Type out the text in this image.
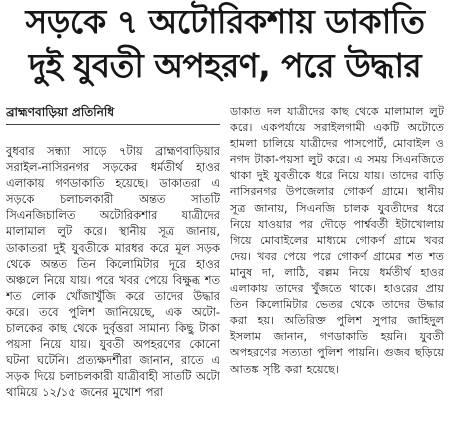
সড়কে ৭ অটোরিকশায় ডাকাতি
দুই যুবতী অপহরণ, পরে উদ্ধার
ব্রাহ্মণবাড়িয়া প্রতিনিধি

বুধবার সন্ধ্যা সাড়ে ৭টায় ব্রাহ্মণবাড়িয়ার সরাইল-নাসিরনগর সড়কের ধর্মতীর্থ হাওর এলাকায় গণডাকাতি হয়েছে। ডাকাতরা এ সড়কে চলাচলকারী অন্তত সাতটি সিএনজিচালিত অটোরিকশার যাত্রীদের মালামাল লুট করে। স্থানীয় সূত্র জানায়, ডাকাতরা দুই যুবতীকে মারধর করে মূল সড়ক থেকে অন্তত তিন কিলোমিটার দূরে হাওর অঞ্চলে নিয়ে যায়। পরে খবর পেয়ে বিক্ষুব্ধ শত শত লোক খোঁজাখুঁজি করে তাদের উদ্ধার করে। তবে পুলিশ জানিয়েছে, এক অটো-চালকের কাছ থেকে দুর্বৃত্তরা সামান্য কিছু টাকা পয়সা নিয়ে যায়। যুবতী অপহরণের কোনো ঘটনা ঘটেনি। প্রত্যক্ষদর্শীরা জানান, রাতে এ সড়ক দিয়ে চলাচলকারী যাত্রীবাহী সাতটি অটো থামিয়ে ১২/১৫ জনের মুখোশ পরা

ডাকাত দল যাত্রীদের কাছ থেকে মালামাল লুট করে। একপর্যায়ে সরাইলগামী একটি অটোতে হামলা চালিয়ে যাত্রীদের পাসপোর্ট, মোবাইল ও নগদ টাকা-পয়সা লুট করে। এ সময় সিএনজিতে থাকা দুই যুবতীকে ধরে নিয়ে যায়। তাদের বাড়ি নাসিরনগর উপজেলার গোকর্ণ গ্রামে। স্থানীয় সূত্র জানায়, সিএনজি চালক যুবতীদের ধরে নিয়ে যাওয়ার পর দৌড়ে পার্শ্ববর্তী ইটাখোলায় গিয়ে মোবাইলের মাধ্যমে গোকর্ণ গ্রামে খবর দেয়। খবর পেয়ে পরে গোকর্ণ গ্রামের শত শত মানুষ দা, লাঠি, বল্লম নিয়ে ধর্মতীর্থ হাওর এলাকায় তাদের খুঁজতে থাকে। হাওরের প্রায় তিন কিলোমিটার ভেতর থেকে তাদের উদ্ধার করা হয়। অতিরিক্ত পুলিশ সুপার জাহিদুল ইসলাম জানান, গণডাকাতি হয়নি। যুবতী অপহরণের সত্যতা পুলিশ পায়নি। গুজব ছড়িয়ে আতঙ্ক সৃষ্টি করা হয়েছে।
